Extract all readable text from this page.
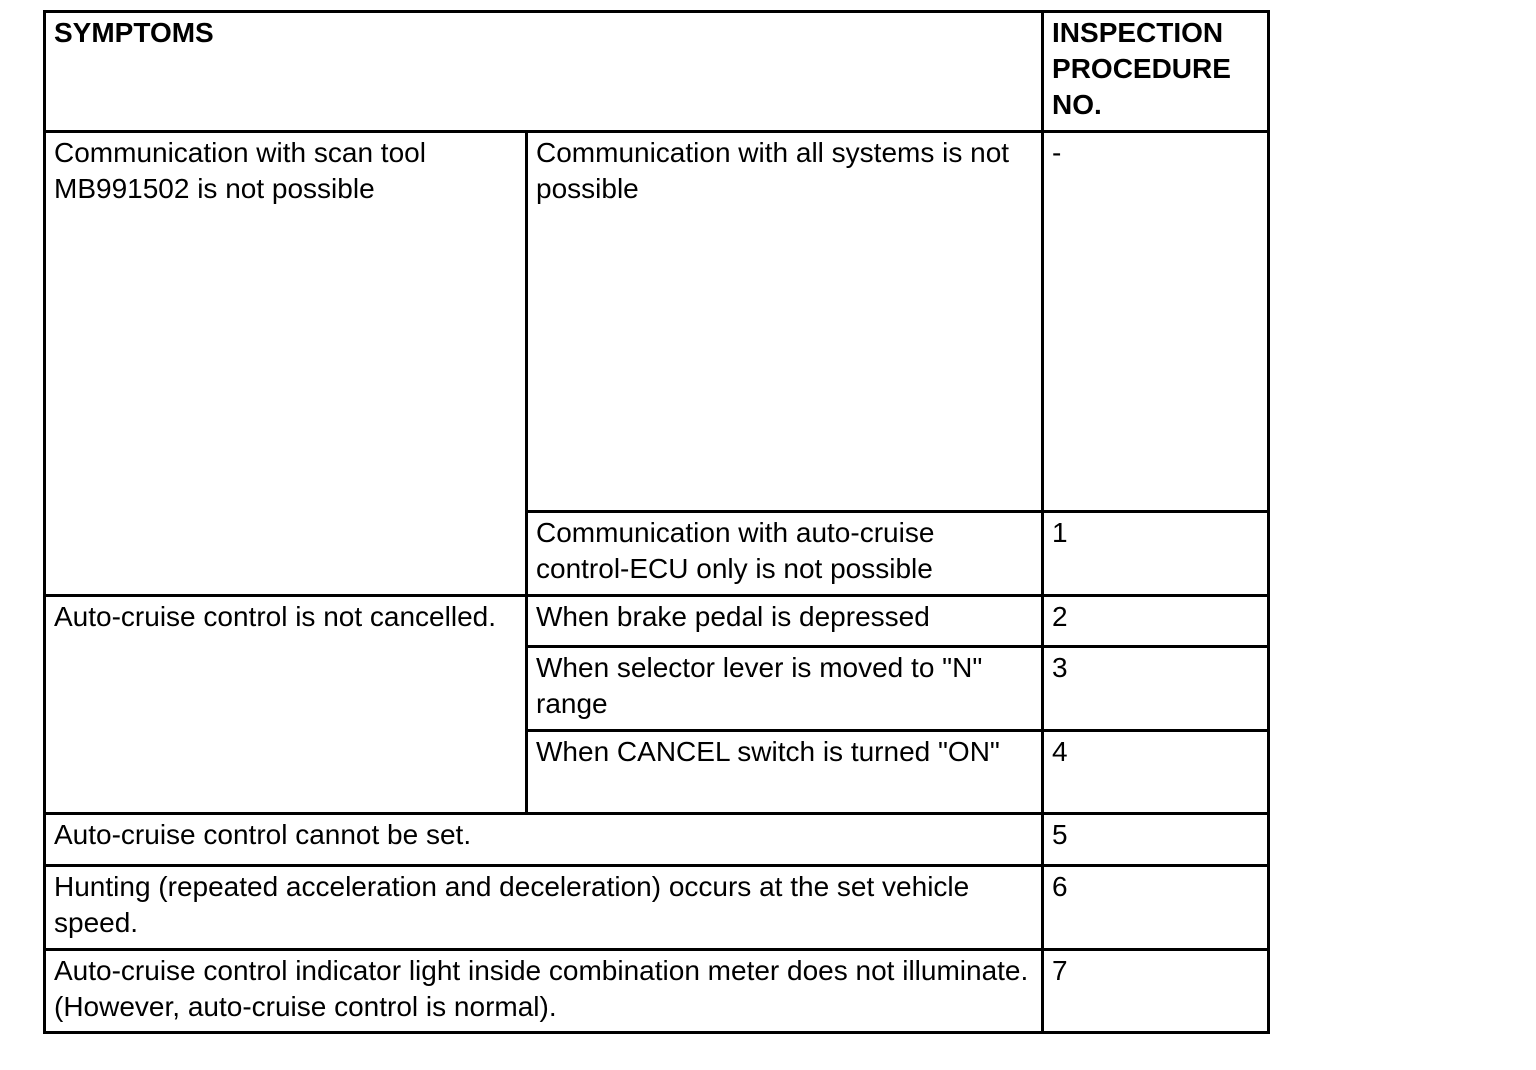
SYMPTOMS		INSPECTION PROCEDURE NO.
Communication with scan tool MB991502 is not possible	Communication with all systems is not possible	-
	Communication with auto-cruise control-ECU only is not possible	1
Auto-cruise control is not cancelled.	When brake pedal is depressed	2
	When selector lever is moved to "N" range	3
	When CANCEL switch is turned "ON"	4
Auto-cruise control cannot be set.		5
Hunting (repeated acceleration and deceleration) occurs at the set vehicle speed.		6
Auto-cruise control indicator light inside combination meter does not illuminate. (However, auto-cruise control is normal).		7
